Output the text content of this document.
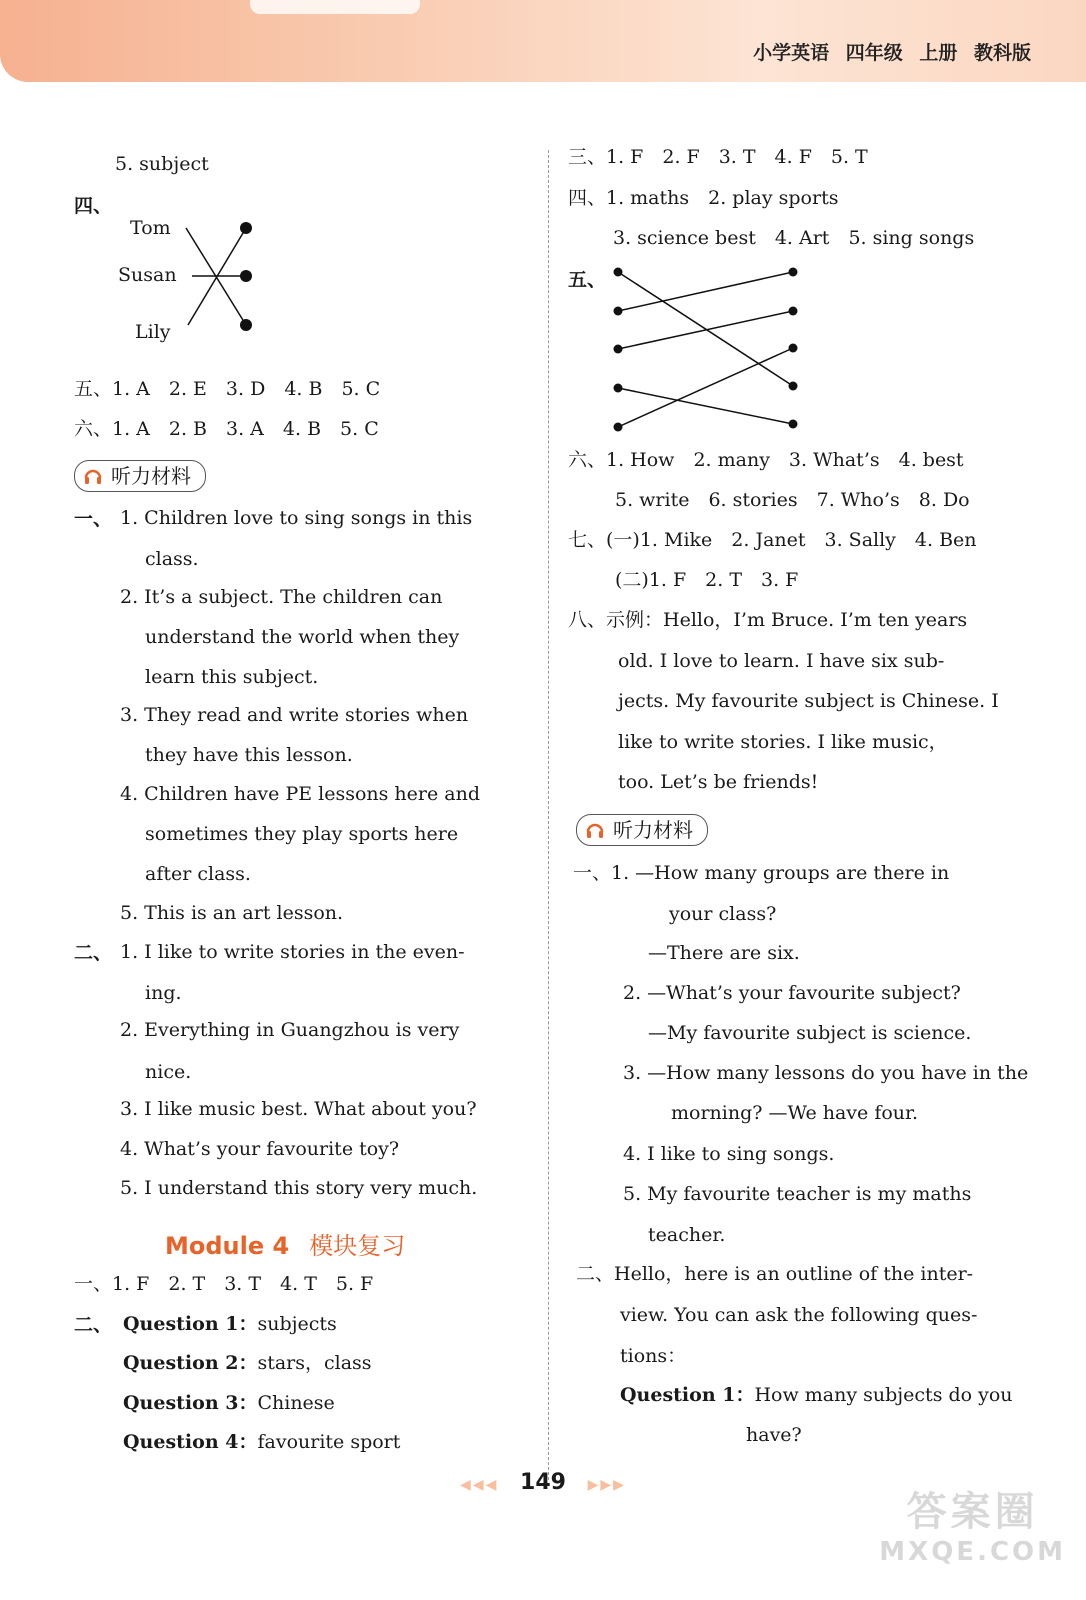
小学英语 四年级 上册 教科版
5. subject
四、
Tom
Susan
Lily
五、1. A　2. E　3. D　4. B　5. C
六、1. A　2. B　3. A　4. B　5. C
听力材料
一、 1. Children love to sing songs in this
class.
2. It’s a subject. The children can
understand the world when they
learn this subject.
3. They read and write stories when
they have this lesson.
4. Children have PE lessons here and
sometimes they play sports here
after class.
5. This is an art lesson.
二、 1. I like to write stories in the even-
ing.
2. Everything in Guangzhou is very
nice.
3. I like music best. What about you?
4. What’s your favourite toy?
5. I understand this story very much.
Module 4 模块复习
一、1. F　2. T　3. T　4. T　5. F
二、 Question 1：subjects
Question 2：stars，class
Question 3：Chinese
Question 4：favourite sport
三、1. F　2. F　3. T　4. F　5. T
四、1. maths　2. play sports
3. science best　4. Art　5. sing songs
五、
六、1. How　2. many　3. What’s　4. best
5. write　6. stories　7. Who’s　8. Do
七、(一)1. Mike　2. Janet　3. Sally　4. Ben
(二)1. F　2. T　3. F
八、示例：Hello，I’m Bruce. I’m ten years
old. I love to learn. I have six sub-
jects. My favourite subject is Chinese. I
like to write stories. I like music，
too. Let’s be friends!
听力材料
一、1. —How many groups are there in
your class?
—There are six.
2. —What’s your favourite subject?
—My favourite subject is science.
3. —How many lessons do you have in the
morning? —We have four.
4. I like to sing songs.
5. My favourite teacher is my maths
teacher.
二、Hello，here is an outline of the inter-
view. You can ask the following ques-
tions：
Question 1：How many subjects do you
have?
◀◀◀ 149 ▶▶▶
答案圈
MXQE.COM
